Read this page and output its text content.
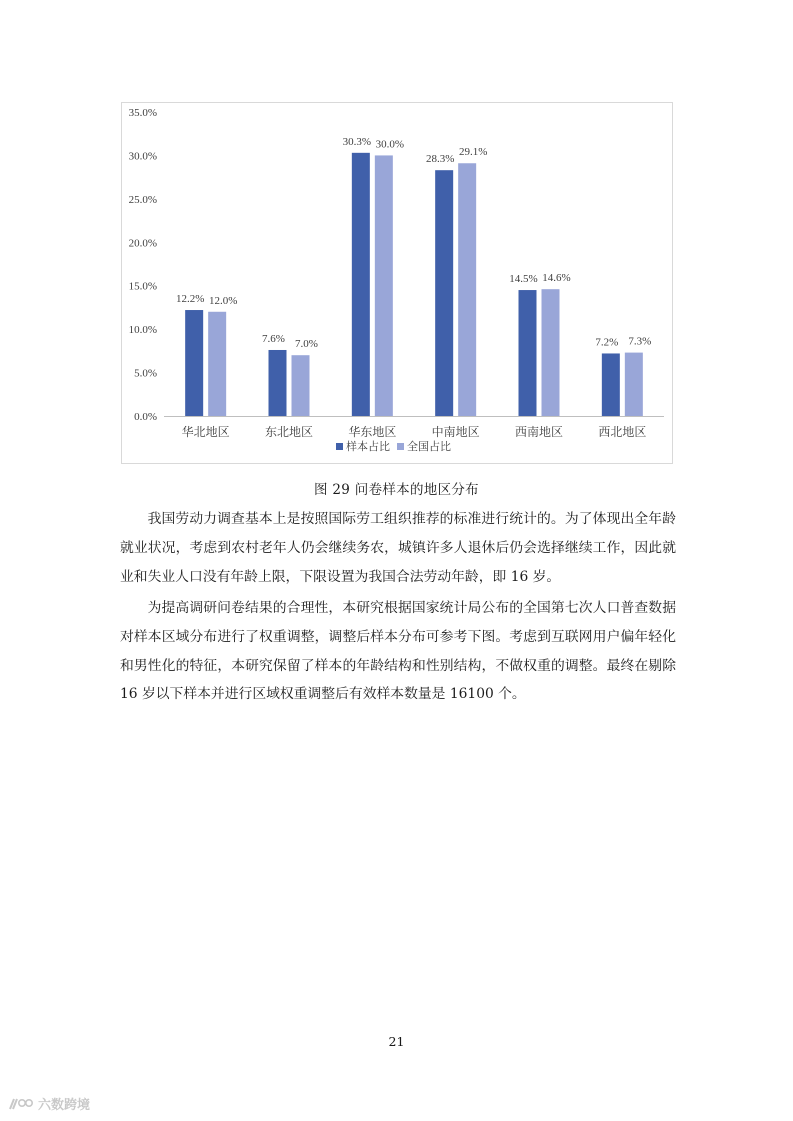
0.0%
5.0%
10.0%
15.0%
20.0%
25.0%
30.0%
35.0%
华北地区
12.2% 12.0%
东北地区
7.6% 7.0%
华东地区
30.3% 30.0%
中南地区
28.3%
29.1%
西南地区
14.5% 14.6%
西北地区
7.2% 7.3%
样本占比 全国占比
图 29 问卷样本的地区分布

我国劳动力调查基本上是按照国际劳工组织推荐的标准进行统计的。为了体现出全年龄就业状况，考虑到农村老年人仍会继续务农，城镇许多人退休后仍会选择继续工作，因此就业和失业人口没有年龄上限，下限设置为我国合法劳动年龄，即 16 岁。

为提高调研问卷结果的合理性，本研究根据国家统计局公布的全国第七次人口普查数据对样本区域分布进行了权重调整，调整后样本分布可参考下图。考虑到互联网用户偏年轻化和男性化的特征，本研究保留了样本的年龄结构和性别结构，不做权重的调整。最终在剔除 16 岁以下样本并进行区域权重调整后有效样本数量是 16100 个。

21
六数跨境
